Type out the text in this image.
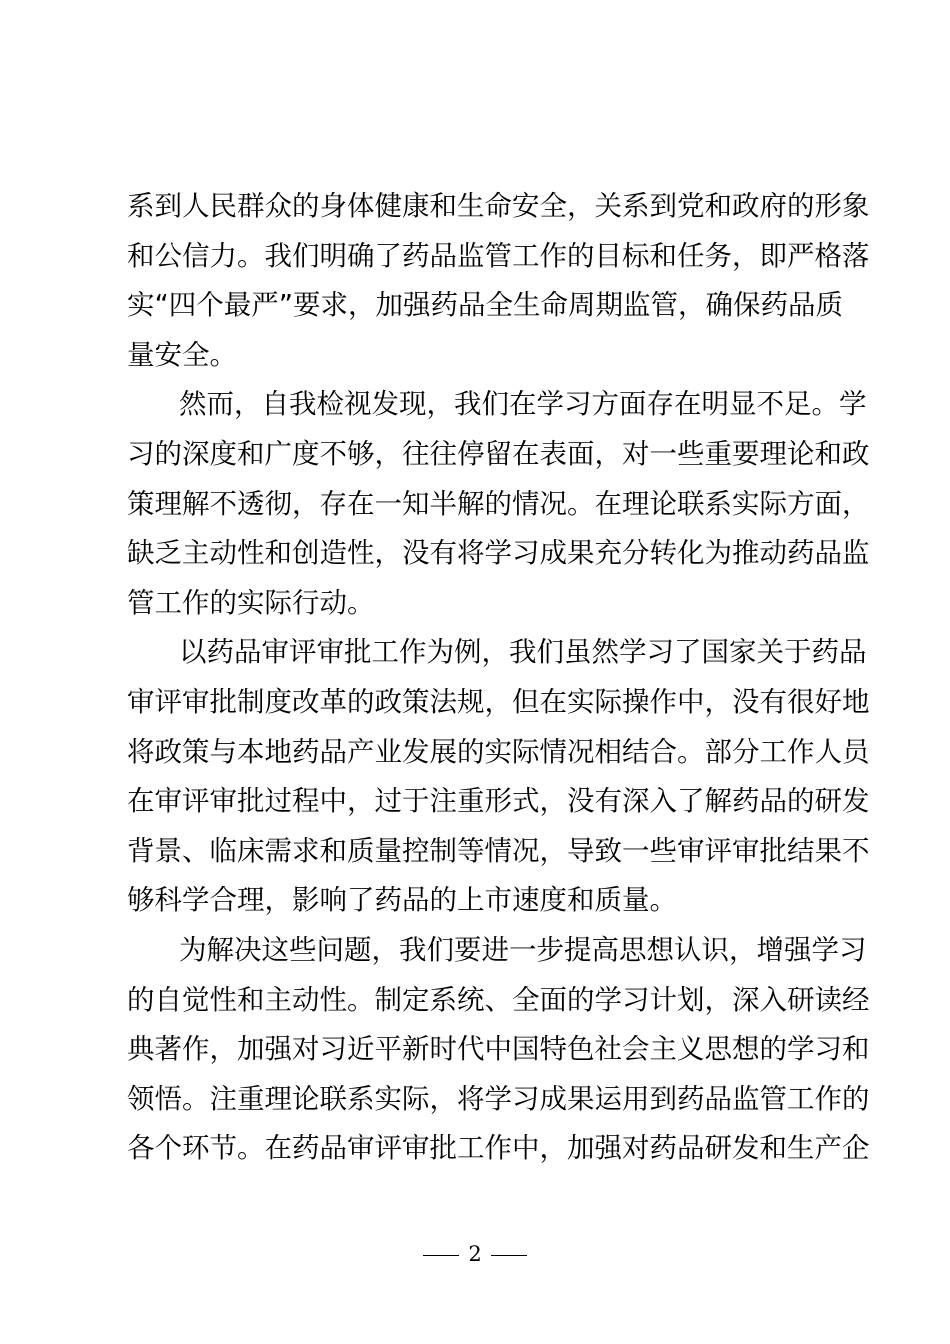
系到人民群众的身体健康和生命安全，关系到党和政府的形象
和公信力。我们明确了药品监管工作的目标和任务，即严格落
实“四个最严”要求，加强药品全生命周期监管，确保药品质
量安全。
然而，自我检视发现，我们在学习方面存在明显不足。学
习的深度和广度不够，往往停留在表面，对一些重要理论和政
策理解不透彻，存在一知半解的情况。在理论联系实际方面，
缺乏主动性和创造性，没有将学习成果充分转化为推动药品监
管工作的实际行动。
以药品审评审批工作为例，我们虽然学习了国家关于药品
审评审批制度改革的政策法规，但在实际操作中，没有很好地
将政策与本地药品产业发展的实际情况相结合。部分工作人员
在审评审批过程中，过于注重形式，没有深入了解药品的研发
背景、临床需求和质量控制等情况，导致一些审评审批结果不
够科学合理，影响了药品的上市速度和质量。
为解决这些问题，我们要进一步提高思想认识，增强学习
的自觉性和主动性。制定系统、全面的学习计划，深入研读经
典著作，加强对习近平新时代中国特色社会主义思想的学习和
领悟。注重理论联系实际，将学习成果运用到药品监管工作的
各个环节。在药品审评审批工作中，加强对药品研发和生产企
2
